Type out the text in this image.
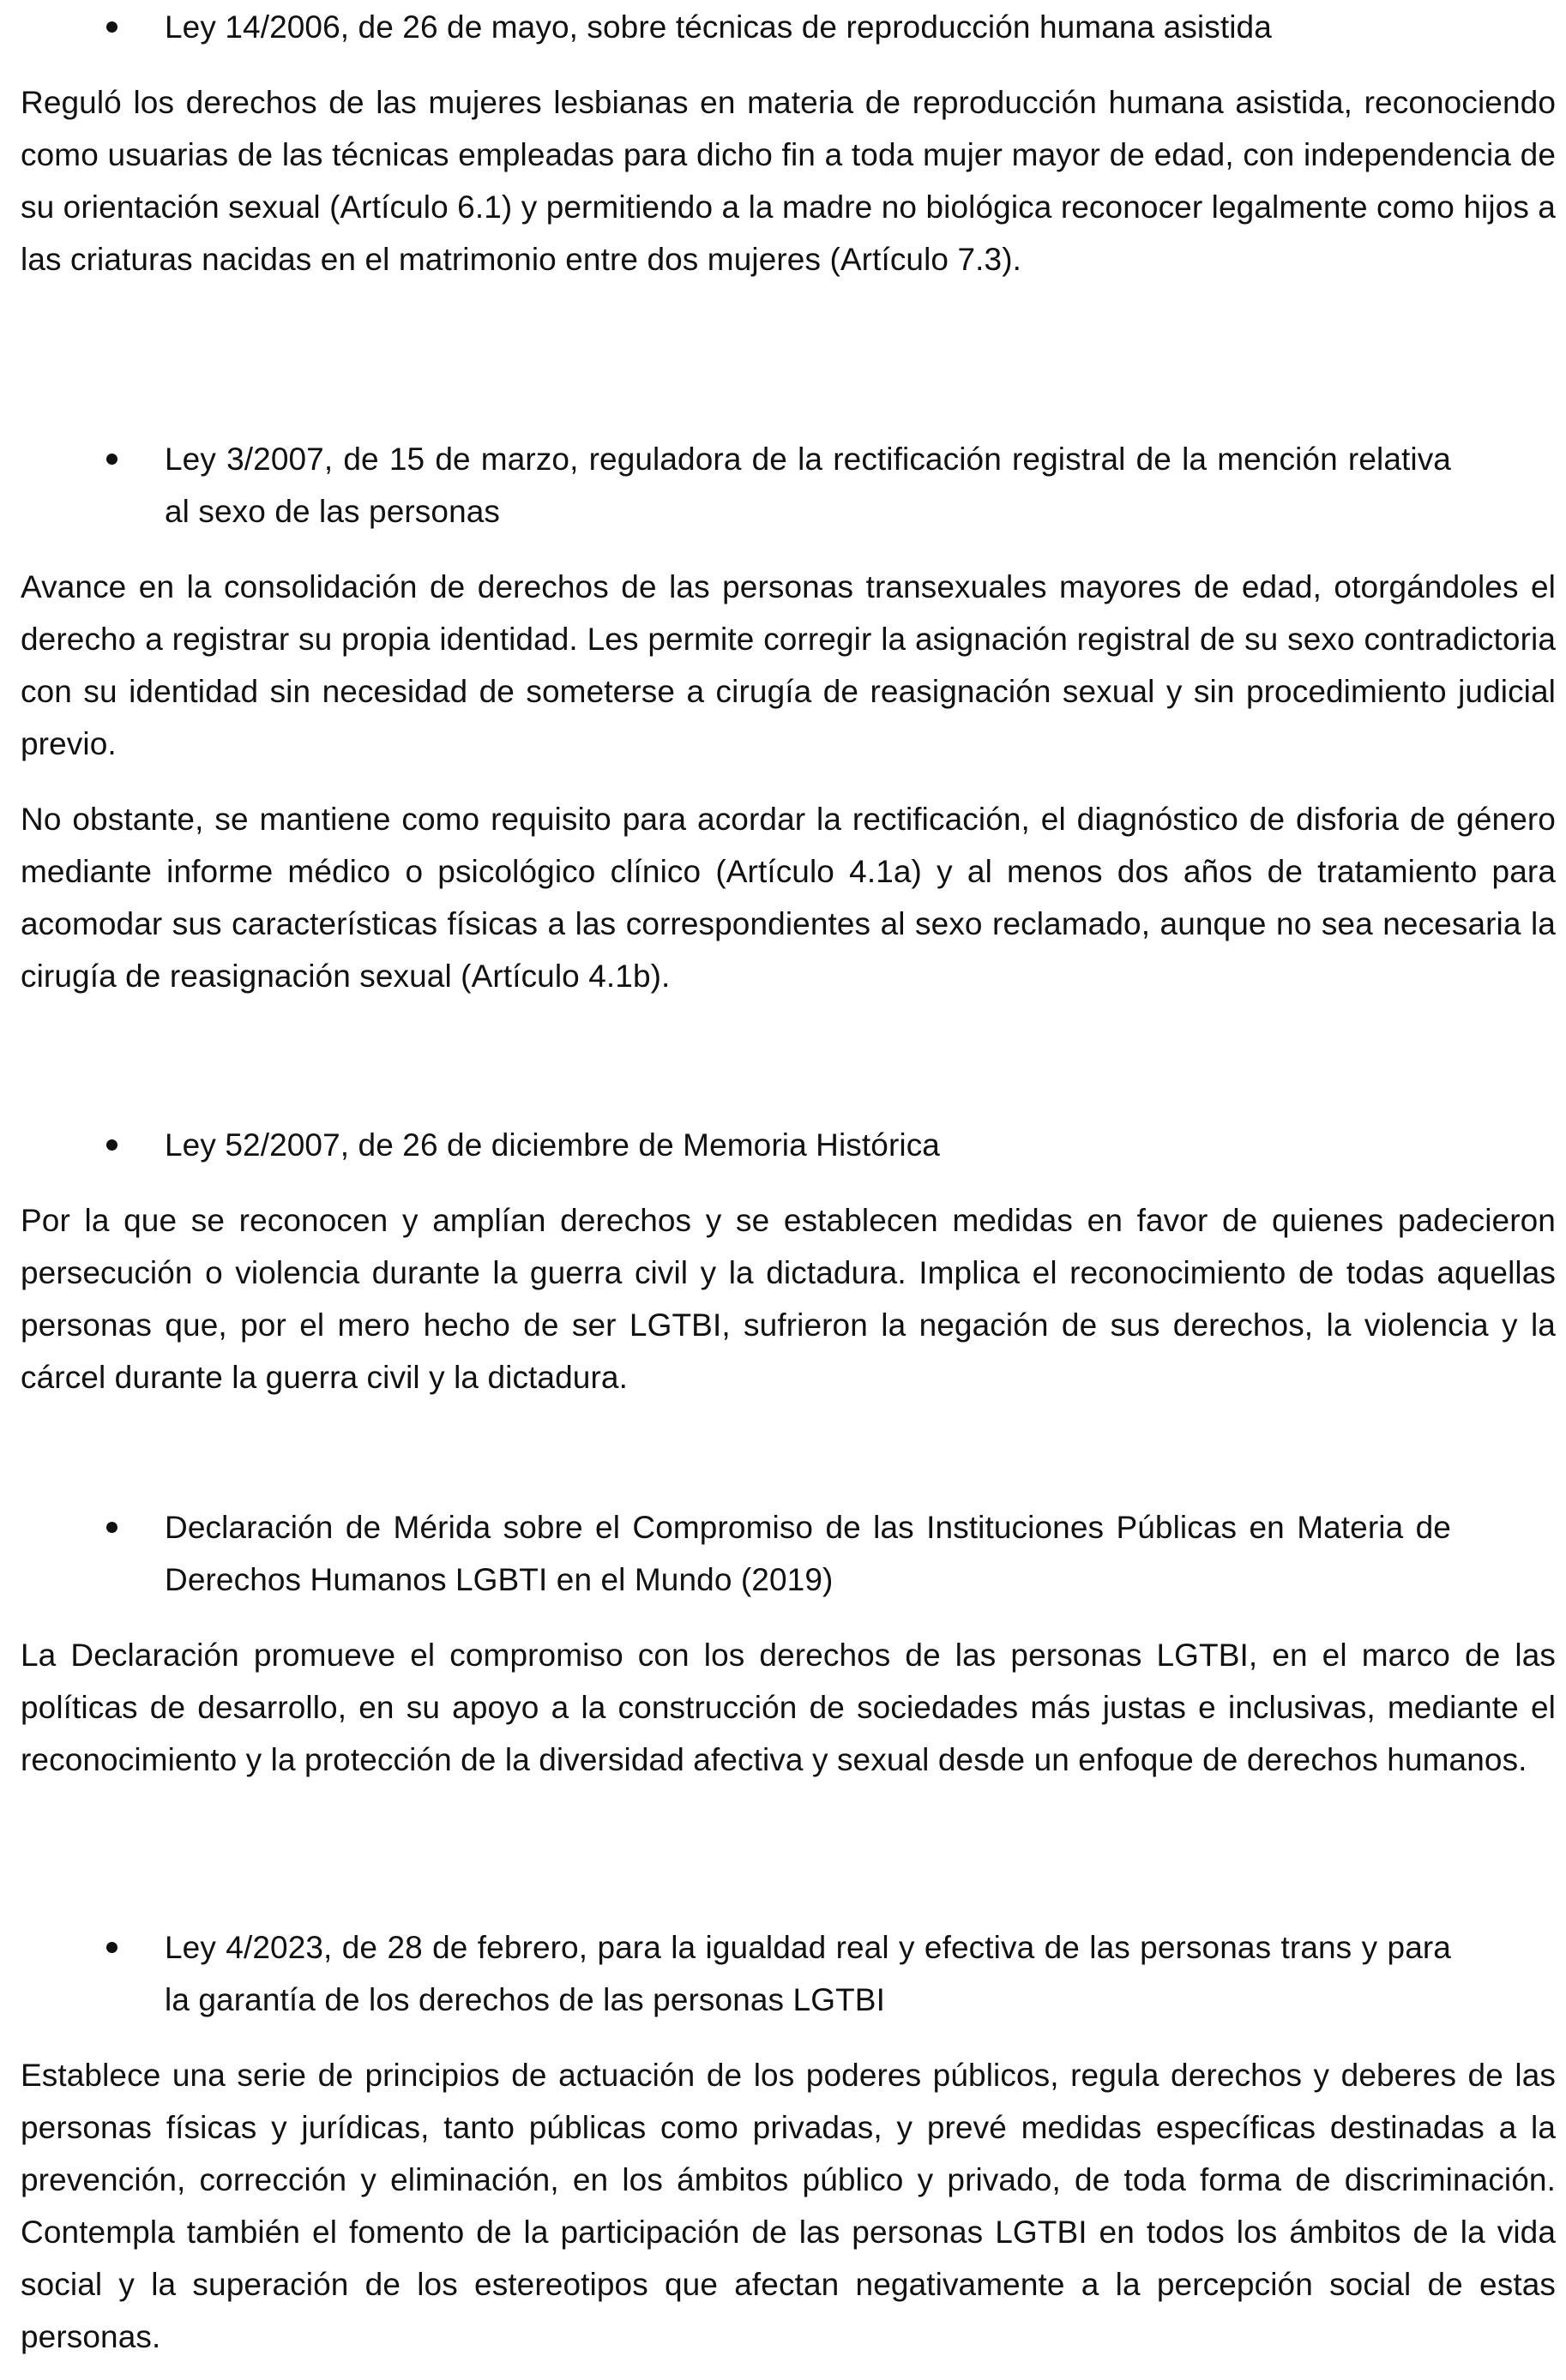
Ley 14/2006, de 26 de mayo, sobre técnicas de reproducción humana asistida

Reguló los derechos de las mujeres lesbianas en materia de reproducción humana asistida, reconociendo como usuarias de las técnicas empleadas para dicho fin a toda mujer mayor de edad, con independencia de su orientación sexual (Artículo 6.1) y permitiendo a la madre no biológica reconocer legalmente como hijos a las criaturas nacidas en el matrimonio entre dos mujeres (Artículo 7.3).

Ley 3/2007, de 15 de marzo, reguladora de la rectificación registral de la mención relativa al sexo de las personas

Avance en la consolidación de derechos de las personas transexuales mayores de edad, otorgándoles el derecho a registrar su propia identidad. Les permite corregir la asignación registral de su sexo contradictoria con su identidad sin necesidad de someterse a cirugía de reasignación sexual y sin procedimiento judicial previo.

No obstante, se mantiene como requisito para acordar la rectificación, el diagnóstico de disforia de género mediante informe médico o psicológico clínico (Artículo 4.1a) y al menos dos años de tratamiento para acomodar sus características físicas a las correspondientes al sexo reclamado, aunque no sea necesaria la cirugía de reasignación sexual (Artículo 4.1b).

Ley 52/2007, de 26 de diciembre de Memoria Histórica

Por la que se reconocen y amplían derechos y se establecen medidas en favor de quienes padecieron persecución o violencia durante la guerra civil y la dictadura. Implica el reconocimiento de todas aquellas personas que, por el mero hecho de ser LGTBI, sufrieron la negación de sus derechos, la violencia y la cárcel durante la guerra civil y la dictadura.

Declaración de Mérida sobre el Compromiso de las Instituciones Públicas en Materia de Derechos Humanos LGBTI en el Mundo (2019)

La Declaración promueve el compromiso con los derechos de las personas LGTBI, en el marco de las políticas de desarrollo, en su apoyo a la construcción de sociedades más justas e inclusivas, mediante el reconocimiento y la protección de la diversidad afectiva y sexual desde un enfoque de derechos humanos.

Ley 4/2023, de 28 de febrero, para la igualdad real y efectiva de las personas trans y para la garantía de los derechos de las personas LGTBI

Establece una serie de principios de actuación de los poderes públicos, regula derechos y deberes de las personas físicas y jurídicas, tanto públicas como privadas, y prevé medidas específicas destinadas a la prevención, corrección y eliminación, en los ámbitos público y privado, de toda forma de discriminación. Contempla también el fomento de la participación de las personas LGTBI en todos los ámbitos de la vida social y la superación de los estereotipos que afectan negativamente a la percepción social de estas personas.
